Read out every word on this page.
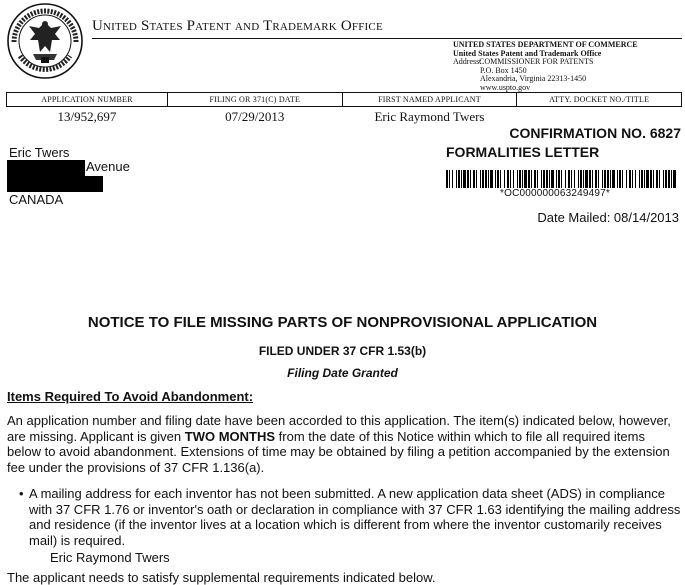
United States Patent and Trademark Office
UNITED STATES DEPARTMENT OF COMMERCE
United States Patent and Trademark Office
Address:
COMMISSIONER FOR PATENTS
P.O. Box 1450
Alexandria, Virginia 22313-1450
www.uspto.gov
APPLICATION NUMBER	FILING OR 371(C) DATE	FIRST NAMED APPLICANT	ATTY. DOCKET NO./TITLE
13/952,697	07/29/2013	Eric Raymond Twers	
Eric Twers
Avenue
CANADA
CONFIRMATION NO. 6827
FORMALITIES LETTER
*OC000000063249497*
Date Mailed: 08/14/2013
NOTICE TO FILE MISSING PARTS OF NONPROVISIONAL APPLICATION
FILED UNDER 37 CFR 1.53(b)
Filing Date Granted
Items Required To Avoid Abandonment:
An application number and filing date have been accorded to this application. The item(s) indicated below, however, are missing. Applicant is given TWO MONTHS from the date of this Notice within which to file all required items below to avoid abandonment. Extensions of time may be obtained by filing a petition accompanied by the extension fee under the provisions of 37 CFR 1.136(a).
• A mailing address for each inventor has not been submitted. A new application data sheet (ADS) in compliance with 37 CFR 1.76 or inventor's oath or declaration in compliance with 37 CFR 1.63 identifying the mailing address and residence (if the inventor lives at a location which is different from where the inventor customarily receives mail) is required.
Eric Raymond Twers
The applicant needs to satisfy supplemental requirements indicated below.
